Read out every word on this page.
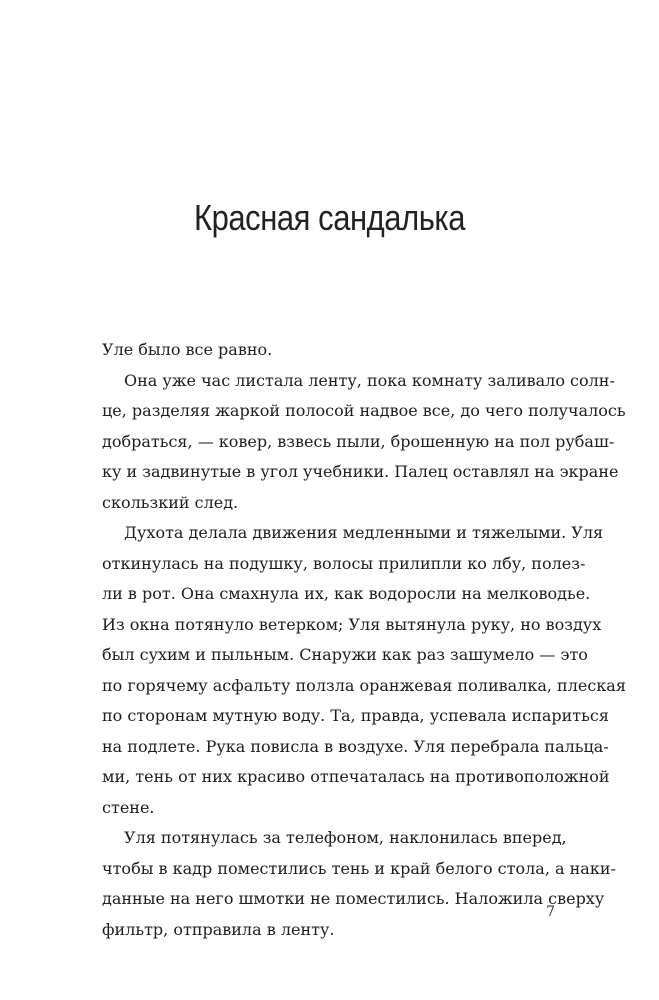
Красная сандалька
Уле было все равно.
Она уже час листала ленту, пока комнату заливало солн-
це, разделяя жаркой полосой надвое все, до чего получалось
добраться, — ковер, взвесь пыли, брошенную на пол рубаш-
ку и задвинутые в угол учебники. Палец оставлял на экране
скользкий след.
Духота делала движения медленными и тяжелыми. Уля
откинулась на подушку, волосы прилипли ко лбу, полез-
ли в рот. Она смахнула их, как водоросли на мелководье.
Из окна потянуло ветерком; Уля вытянула руку, но воздух
был сухим и пыльным. Снаружи как раз зашумело — это
по горячему асфальту ползла оранжевая поливалка, плеская
по сторонам мутную воду. Та, правда, успевала испариться
на подлете. Рука повисла в воздухе. Уля перебрала пальца-
ми, тень от них красиво отпечаталась на противоположной
стене.
Уля потянулась за телефоном, наклонилась вперед,
чтобы в кадр поместились тень и край белого стола, а наки-
данные на него шмотки не поместились. Наложила сверху
фильтр, отправила в ленту.
7
